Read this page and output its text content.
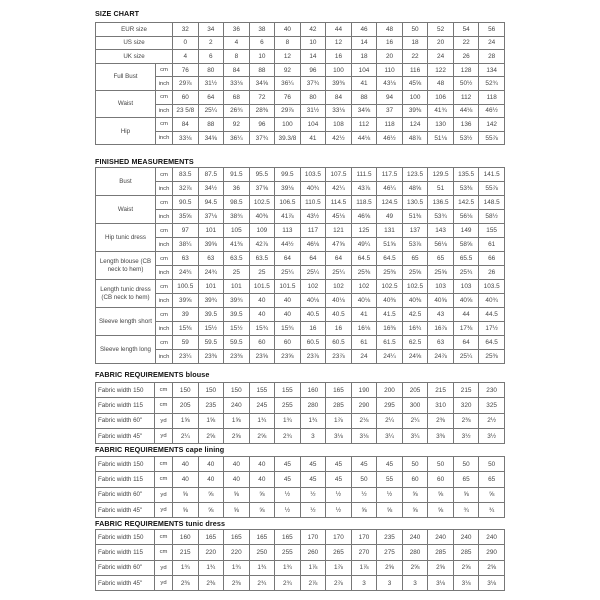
SIZE CHART
EUR size		32	34	36	38	40	42	44	46	48	50	52	54	56
US size		0	2	4	6	8	10	12	14	16	18	20	22	24
UK size		4	6	8	10	12	14	16	18	20	22	24	26	28
Full Bust	cm	76	80	84	88	92	96	100	104	110	116	122	128	134
	inch	29⅞	31½	33⅛	34⅝	36¼	37¾	39⅜	41	43⅛	45⅝	48	50½	52¾
Waist	cm	60	64	68	72	76	80	84	88	94	100	106	112	118
	inch	23 5/8	25¼	26¾	28⅜	29⅞	31½	33⅛	34⅝	37	39⅜	41¾	44⅛	46½
Hip	cm	84	88	92	96	100	104	108	112	118	124	130	136	142
	inch	33⅛	34⅝	36¼	37¾	39.3/8	41	42½	44⅛	46½	48⅞	51⅛	53½	55⅞
FINISHED MEASUREMENTS
Bust	cm	83.5	87.5	91.5	95.5	99.5	103.5	107.5	111.5	117.5	123.5	129.5	135.5	141.5
	inch	32⅞	34½	36	37⅝	39⅛	40¾	42¼	43⅞	46¼	48⅝	51	53⅜	55⅞
Waist	cm	90.5	94.5	98.5	102.5	106.5	110.5	114.5	118.5	124.5	130.5	136.5	142.5	148.5
	inch	35⅝	37⅛	38¾	40⅜	41⅞	43½	45⅛	46⅝	49	51⅜	53¾	56⅛	58½
Hip tunic dress	cm	97	101	105	109	113	117	121	125	131	137	143	149	155
	inch	38¼	39⅝	41⅜	42⅞	44½	46⅛	47⅝	49¼	51⅝	53⅞	56⅛	58⅝	61
Length blouse (CB neck to hem)	cm	63	63	63.5	63.5	64	64	64	64.5	64.5	65	65	65.5	66
	inch	24¾	24¾	25	25	25¼	25¼	25¼	25⅜	25⅜	25⅝	25⅝	25¾	26
Length tunic dress (CB neck to hem)	cm	100.5	101	101	101.5	101.5	102	102	102	102.5	102.5	103	103	103.5
	inch	39⅝	39¾	39¾	40	40	40⅛	40⅛	40⅛	40⅜	40⅜	40⅝	40⅝	40¾
Sleeve length short	cm	39	39.5	39.5	40	40	40.5	40.5	41	41.5	42.5	43	44	44.5
	inch	15⅜	15½	15½	15¾	15¾	16	16	16⅛	16⅜	16¾	16⅞	17⅜	17½
Sleeve length long	cm	59	59.5	59.5	60	60	60.5	60.5	61	61.5	62.5	63	64	64.5
	inch	23¼	23⅜	23⅜	23⅝	23⅝	23⅞	23⅞	24	24¼	24⅝	24⅞	25¼	25⅜
FABRIC REQUIREMENTS blouse
Fabric width 150	cm	150	150	150	155	155	160	165	190	200	205	215	215	230
Fabric width 115	cm	205	235	240	245	255	280	285	290	295	300	310	320	325
Fabric width 60"	yd	1⅝	1⅝	1⅝	1¾	1¾	1¾	1⅞	2⅛	2¼	2¼	2⅜	2⅜	2½
Fabric width 45"	yd	2¼	2⅝	2⅝	2⅝	2¾	3	3⅛	3⅛	3¼	3¼	3⅜	3½	3½
FABRIC REQUIREMENTS cape lining
Fabric width 150	cm	40	40	40	40	45	45	45	45	45	50	50	50	50
Fabric width 115	cm	40	40	40	40	45	45	45	50	55	60	60	65	65
Fabric width 60"	yd	⅝	⅝	⅝	⅝	½	½	½	½	½	⅝	⅝	⅝	⅝
Fabric width 45"	yd	⅝	⅝	⅝	⅝	½	½	½	⅝	⅝	⅝	⅝	¾	¾
FABRIC REQUIREMENTS tunic dress
Fabric width 150	cm	160	165	165	165	165	170	170	170	235	240	240	240	240
Fabric width 115	cm	215	220	220	250	255	260	265	270	275	280	285	285	290
Fabric width 60"	yd	1¾	1¾	1¾	1¾	1¾	1⅞	1⅞	1⅞	2⅝	2⅝	2⅝	2⅝	2⅝
Fabric width 45"	yd	2⅜	2⅜	2⅜	2¾	2¾	2⅞	2⅞	3	3	3	3⅛	3⅛	3⅛
